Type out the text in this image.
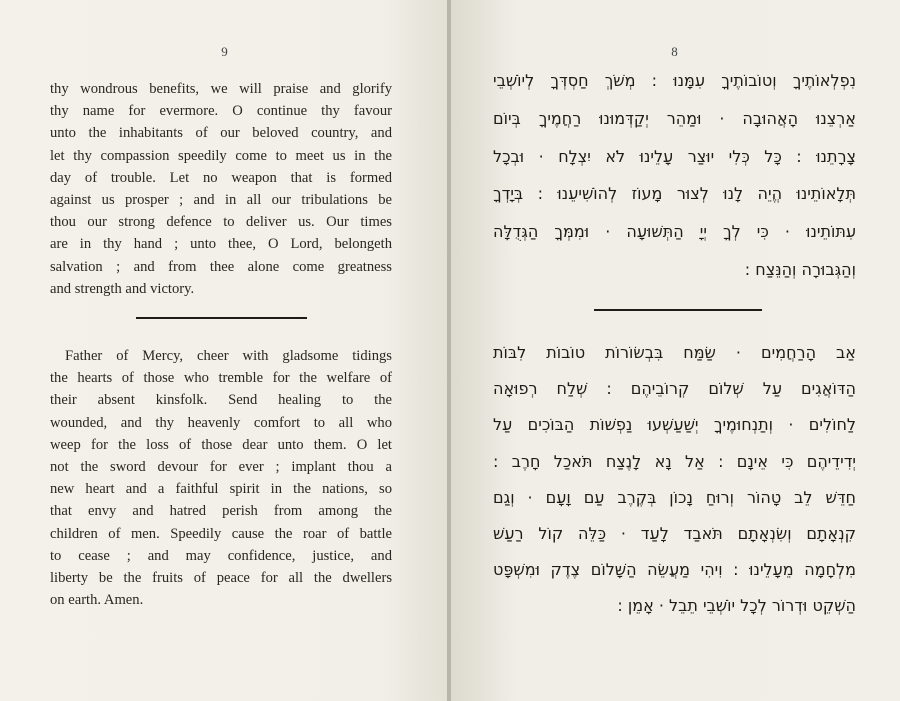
9
thy wondrous benefits, we will praise and glorify
thy name for evermore. O continue thy favour
unto the inhabitants of our beloved country, and
let thy compassion speedily come to meet us in the
day of trouble. Let no weapon that is formed
against us prosper ; and in all our tribulations be
thou our strong defence to deliver us. Our times
are in thy hand ; unto thee, O Lord, belongeth
salvation ; and from thee alone come greatness
and strength and victory.
Father of Mercy, cheer with gladsome tidings
the hearts of those who tremble for the welfare of
their absent kinsfolk. Send healing to the
wounded, and thy heavenly comfort to all who
weep for the loss of those dear unto them. O let
not the sword devour for ever ; implant thou a
new heart and a faithful spirit in the nations, so
that envy and hatred perish from among the
children of men. Speedily cause the roar of battle
to cease ; and may confidence, justice, and
liberty be the fruits of peace for all the dwellers
on earth. Amen.
8
נִפְלְאוֹתֶיךָ וְטוֹבוֹתֶיךָ עִמָּנוּ : מְשֹׁךְ חַסְדְּךָ לְיוֹשְׁבֵי
אַרְצֵנוּ הָאֲהוּבָה · וּמַהֵר יְקַדְּמוּנוּ רַחֲמֶיךָ בְּיוֹם
צָרָתֵנוּ : כָּל כְּלִי יוּצַר עָלֵינוּ לֹא יִצְלָח · וּבְכָל
תְּלָאוֹתֵינוּ הֱיֵה לָנוּ לְצוּר מָעוֹז לְהוֹשִׁיעֵנוּ : בְּיָדְךָ
עִתּוֹתֵינוּ · כִּי לְךָ יְיָ הַתְּשׁוּעָה · וּמִמְּךָ הַגְּדֻלָּה
וְהַגְּבוּרָה וְהַנֵּצַח :
אַב הָרַחֲמִים · שַׂמַּח בִּבְשׂוֹרוֹת טוֹבוֹת לִבּוֹת
הַדּוֹאֲגִים עַל שְׁלוֹם קְרוֹבֵיהֶם : שְׁלַח רְפוּאָה
לַחוֹלִים · וְתַנְחוּמֶיךָ יְשַׁעַשְׁעוּ נַפְשׁוֹת הַבּוֹכִים עַל
יְדִידֵיהֶם כִּי אֵינָם : אַל נָא לָנֶצַח תֹּאכַל חָרֶב :
חַדֵּשׁ לֵב טָהוֹר וְרוּחַ נָכוֹן בְּקֶרֶב עַם וָעָם · וְגַם
קִנְאָתָם וְשִׂנְאָתָם תֹּאבַד לָעַד · כַּלֵּה קוֹל רַעַשׁ
מִלְחָמָה מֵעָלֵינוּ : וִיהִי מַעֲשֵׂה הַשָּׁלוֹם צֶדֶק וּמִשְׁפָּט
הַשְׁקֵט וּדְרוֹר לְכָל יוֹשְׁבֵי תֵבֵל · אָמֵן :
